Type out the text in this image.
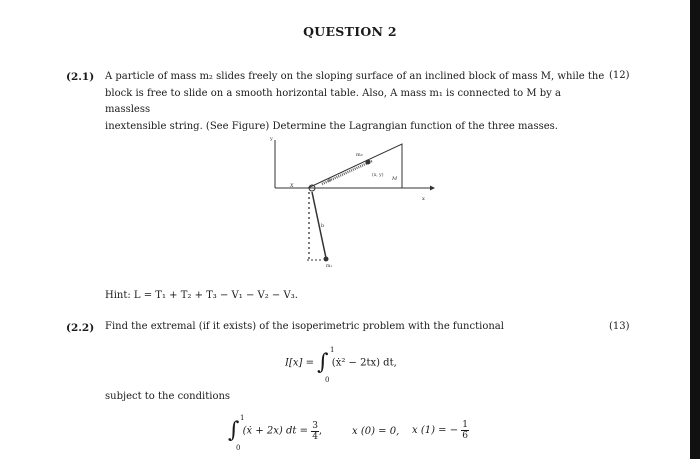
QUESTION 2
(2.1) A particle of mass m₂ slides freely on the sloping surface of an inclined block of mass M, while the
block is free to slide on a smooth horizontal table. Also, A mass m₁ is connected to M by a massless
inextensible string. (See Figure) Determine the Lagrangian function of the three masses.
(12)
y
x
m₂
(x, y)
M
X
θ
b
m₁
Hint: L = T₁ + T₂ + T₃ − V₁ − V₂ − V₃.
(2.2) Find the extremal (if it exists) of the isoperimetric problem with the functional	(13)
I[x] = ∫ (ẋ² − 2tx) dt,
1
0
subject to the conditions
∫ (ẋ + 2x) dt = $\frac{3}{4}$ ,
1
0
x (0) = 0, x (1) = − $\frac{1}{6}$
